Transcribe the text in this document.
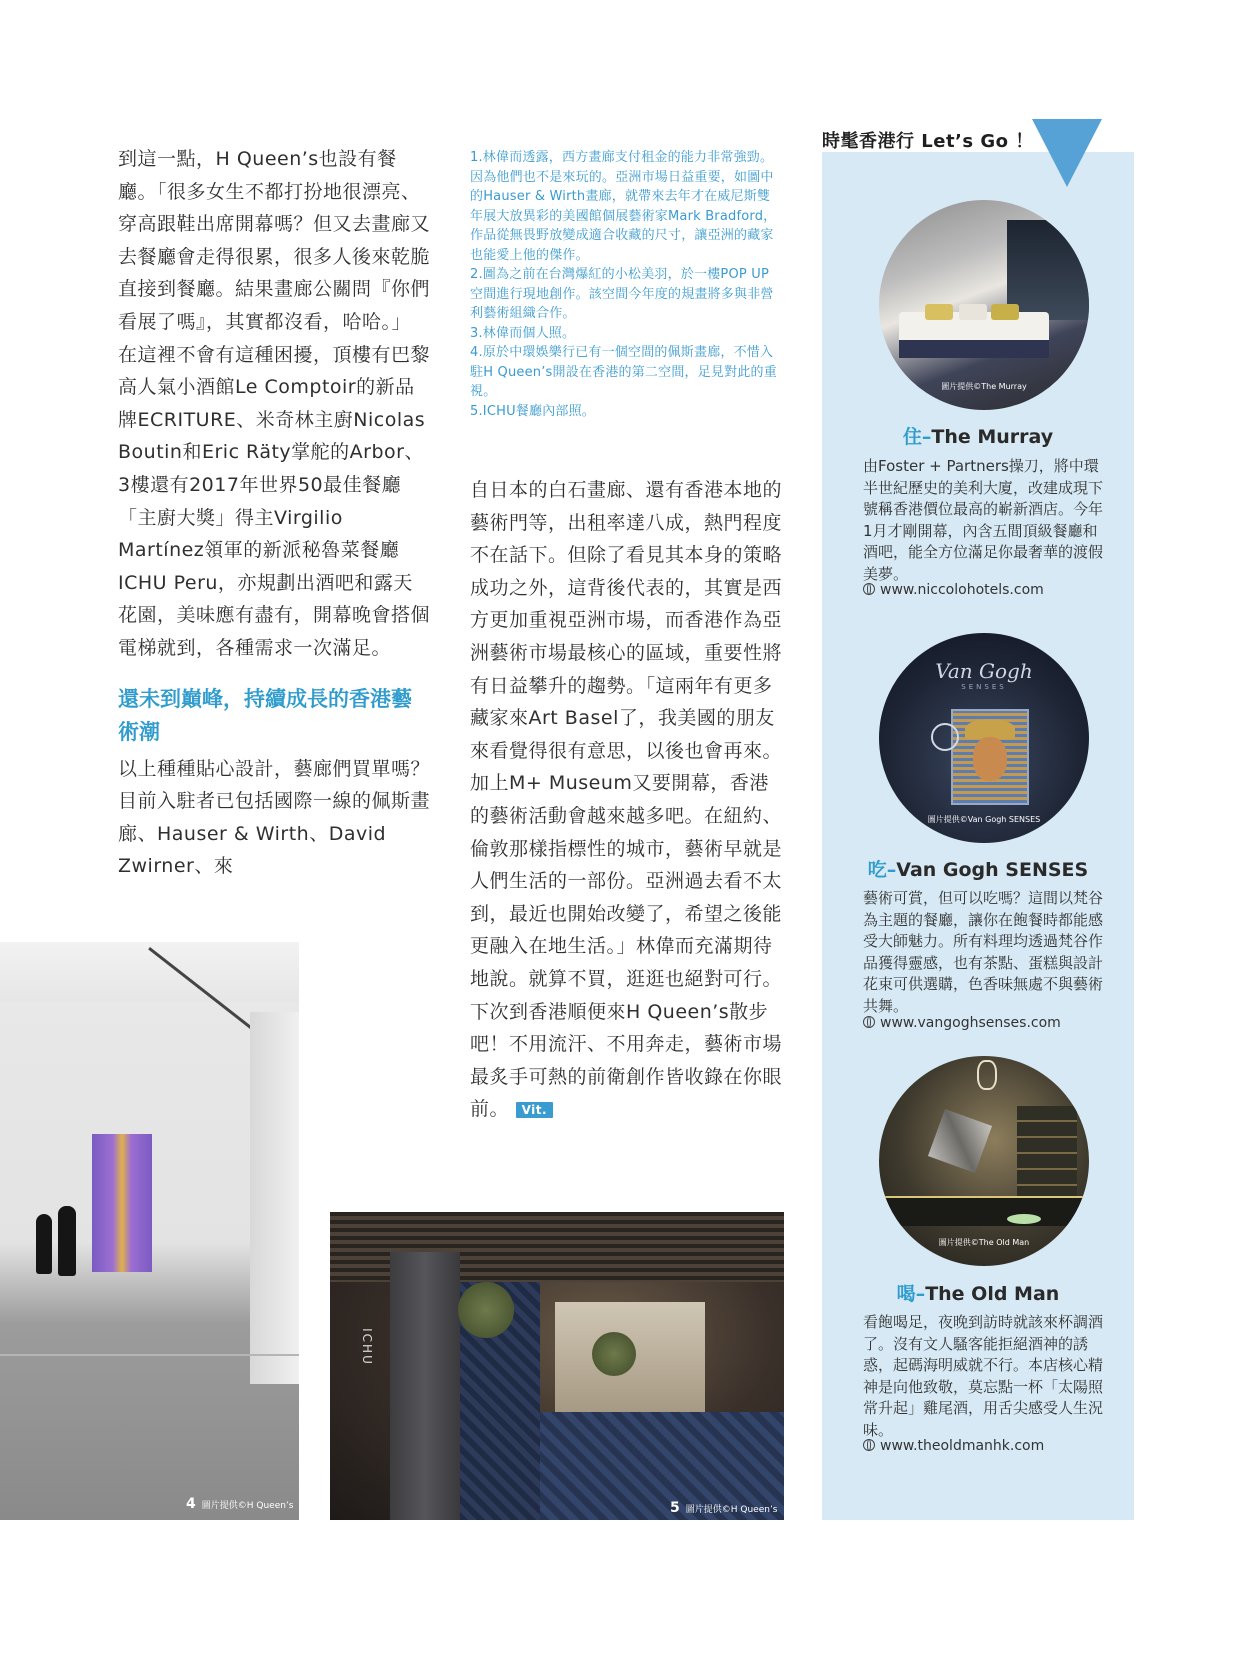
到這一點，H Queen’s也設有餐廳。「很多女生不都打扮地很漂亮、穿高跟鞋出席開幕嗎？但又去畫廊又去餐廳會走得很累，很多人後來乾脆直接到餐廳。結果畫廊公關問『你們看展了嗎』，其實都沒看，哈哈。」在這裡不會有這種困擾，頂樓有巴黎高人氣小酒館Le Comptoir的新品牌ECRITURE、米奇林主廚Nicolas Boutin和Eric Räty掌舵的Arbor、3樓還有2017年世界50最佳餐廳「主廚大獎」得主Virgilio Martínez領軍的新派秘魯菜餐廳ICHU Peru，亦規劃出酒吧和露天花園，美味應有盡有，開幕晚會搭個電梯就到，各種需求一次滿足。

還未到巔峰，持續成長的香港藝術潮

以上種種貼心設計，藝廊們買單嗎？目前入駐者已包括國際一線的佩斯畫廊、Hauser & Wirth、David Zwirner、來

1.林偉而透露，西方畫廊支付租金的能力非常強勁。因為他們也不是來玩的。亞洲市場日益重要，如圖中的Hauser & Wirth畫廊，就帶來去年才在威尼斯雙年展大放異彩的美國館個展藝術家Mark Bradford，作品從無畏野放變成適合收藏的尺寸，讓亞洲的藏家也能愛上他的傑作。

2.圖為之前在台灣爆紅的小松美羽，於一樓POP UP空間進行現地創作。該空間今年度的規畫將多與非營利藝術組織合作。

3.林偉而個人照。

4.原於中環娛樂行已有一個空間的佩斯畫廊，不惜入駐H Queen’s開設在香港的第二空間，足見對此的重視。

5.ICHU餐廳內部照。

自日本的白石畫廊、還有香港本地的藝術門等，出租率達八成，熱門程度不在話下。但除了看見其本身的策略成功之外，這背後代表的，其實是西方更加重視亞洲市場，而香港作為亞洲藝術市場最核心的區域，重要性將有日益攀升的趨勢。「這兩年有更多藏家來Art Basel了，我美國的朋友來看覺得很有意思，以後也會再來。加上M+ Museum又要開幕，香港的藝術活動會越來越多吧。在紐約、倫敦那樣指標性的城市，藝術早就是人們生活的一部份。亞洲過去看不太到，最近也開始改變了，希望之後能更融入在地生活。」林偉而充滿期待地說。就算不買，逛逛也絕對可行。下次到香港順便來H Queen’s散步吧！不用流汗、不用奔走，藝術市場最炙手可熱的前衛創作皆收錄在你眼前。 Vit.

4 圖片提供©H Queen’s
ICHU
5 圖片提供©H Queen’s
時髦香港行 Let’s Go ！
圖片提供©The Murray
住–The Murray
由Foster + Partners操刀，將中環半世紀歷史的美利大廈，改建成現下號稱香港價位最高的嶄新酒店。今年1月才剛開幕，內含五間頂級餐廳和酒吧，能全方位滿足你最奢華的渡假美夢。
www.niccolohotels.com
Van Gogh
SENSES
圖片提供©Van Gogh SENSES
吃–Van Gogh SENSES
藝術可賞，但可以吃嗎？這間以梵谷為主題的餐廳，讓你在飽餐時都能感受大師魅力。所有料理均透過梵谷作品獲得靈感，也有茶點、蛋糕與設計花束可供選購，色香味無處不與藝術共舞。
www.vangoghsenses.com
圖片提供©The Old Man
喝–The Old Man
看飽喝足，夜晚到訪時就該來杯調酒了。沒有文人騷客能拒絕酒神的誘惑，起碼海明威就不行。本店核心精神是向他致敬，莫忘點一杯「太陽照常升起」雞尾酒，用舌尖感受人生況味。
www.theoldmanhk.com
